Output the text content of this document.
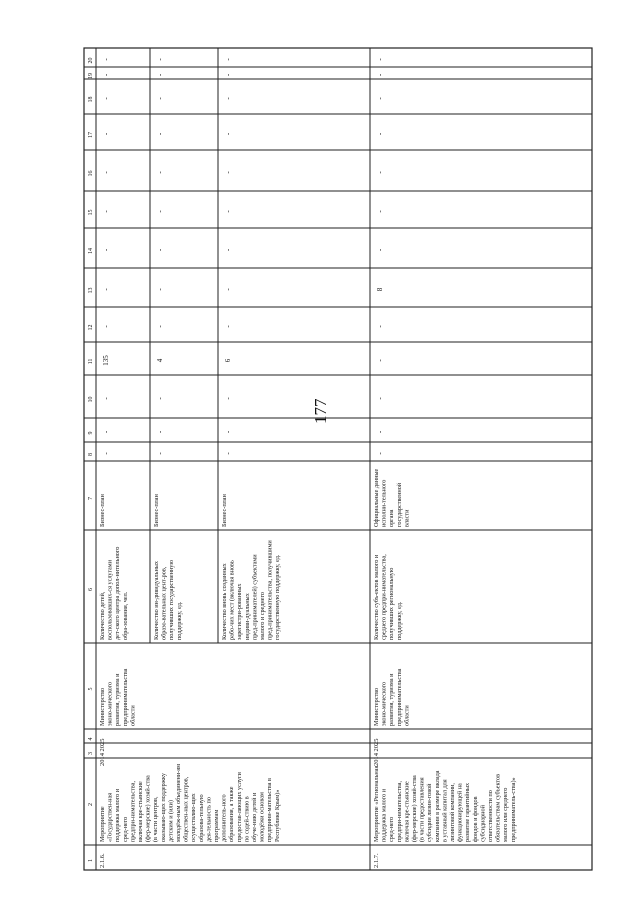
177
1
2
3
4
5
6
7
8
9
10
11
12
13
14
15
16
17
18
19
20
2.1.6.
Мероприятие «Государствен-ная поддержка малого и сред-него предпри-нимательства, включая кре-стьянские (фер-мерские) хозяй-ства (в части центров, оказываю-щих поддержку детским и (или) молодёж-ным объединени-ям обществен-ных центров, осуществляю-щих образова-тельную дея-тельность по программам дополнитель-ного образования, а также предостав-ляющих услуги по содей-ствию в обуче-нию детей и молодёжи основам предприни-мательства в Республике Крым)»
2014
2025
Министерство эконо-мического развития, туризма и предпринимательства области
Количество детей, воспользовавших-ся услугами дет-ского центра допол-нительного обра-зования, чел.
Бизнес-план
-
-
-
135
-
-
-
-
-
-
-
-
-
Количество ин-дивидуальных образо-вательных цент-ров, получивших государственную поддержку, ед.
Бизнес-план
-
-
-
4
-
-
-
-
-
-
-
-
-
Количество вновь созданных рабо-чих мест (включая вновь зарегистри-рованных индиви-дуальных пред-принимателей) субъектами малого и среднего пред-принимательства, получившими государственную поддержку, ед.
Бизнес-план
-
-
-
6
-
-
-
-
-
-
-
-
-
2.1.7.
Мероприятие «Региональная поддержка малого и сред-него предпри-нимательства, включая кре-стьянские (фер-мерские) хозяй-ства (в части предоставления субсидии лизин-говой компании в размере вклада в уставный капитал для лизинговой компании, функционирующей на развитие гарантийных фондов и фондов субсидиарной ответственности по обязательствам субъектов малого или среднего предприниматель-ства)»
2014
2025
Министерство эконо-мического развития, туризма и предпринимательства области
Количество субъ-ектов малого и среднего предпри-нимательства, получивших региональную поддержку, ед.
Официальные данные исполни-тельного органа государственной власти
-
-
-
-
-
8
-
-
-
-
-
-
-
